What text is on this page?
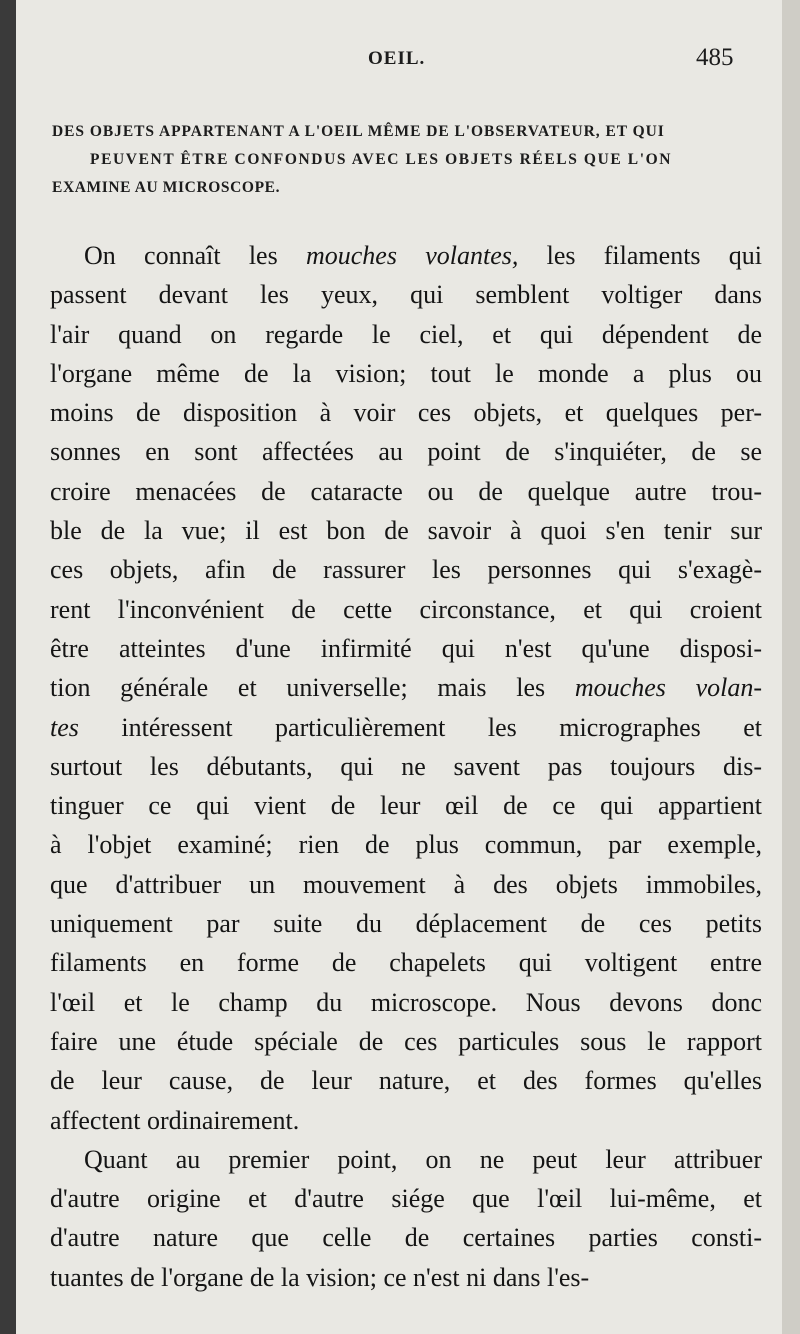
OEIL.	485
DES OBJETS APPARTENANT A L'OEIL MÊME DE L'OBSERVATEUR, ET QUI
PEUVENT ÊTRE CONFONDUS AVEC LES OBJETS RÉELS QUE L'ON
EXAMINE AU MICROSCOPE.
On connaît les mouches volantes, les filaments qui
passent devant les yeux, qui semblent voltiger dans
l'air quand on regarde le ciel, et qui dépendent de
l'organe même de la vision; tout le monde a plus ou
moins de disposition à voir ces objets, et quelques per-
sonnes en sont affectées au point de s'inquiéter, de se
croire menacées de cataracte ou de quelque autre trou-
ble de la vue; il est bon de savoir à quoi s'en tenir sur
ces objets, afin de rassurer les personnes qui s'exagè-
rent l'inconvénient de cette circonstance, et qui croient
être atteintes d'une infirmité qui n'est qu'une disposi-
tion générale et universelle; mais les mouches volan-
tes intéressent particulièrement les micrographes et
surtout les débutants, qui ne savent pas toujours dis-
tinguer ce qui vient de leur œil de ce qui appartient
à l'objet examiné; rien de plus commun, par exemple,
que d'attribuer un mouvement à des objets immobiles,
uniquement par suite du déplacement de ces petits
filaments en forme de chapelets qui voltigent entre
l'œil et le champ du microscope. Nous devons donc
faire une étude spéciale de ces particules sous le rapport
de leur cause, de leur nature, et des formes qu'elles
affectent ordinairement.
Quant au premier point, on ne peut leur attribuer
d'autre origine et d'autre siége que l'œil lui-même, et
d'autre nature que celle de certaines parties consti-
tuantes de l'organe de la vision; ce n'est ni dans l'es-
